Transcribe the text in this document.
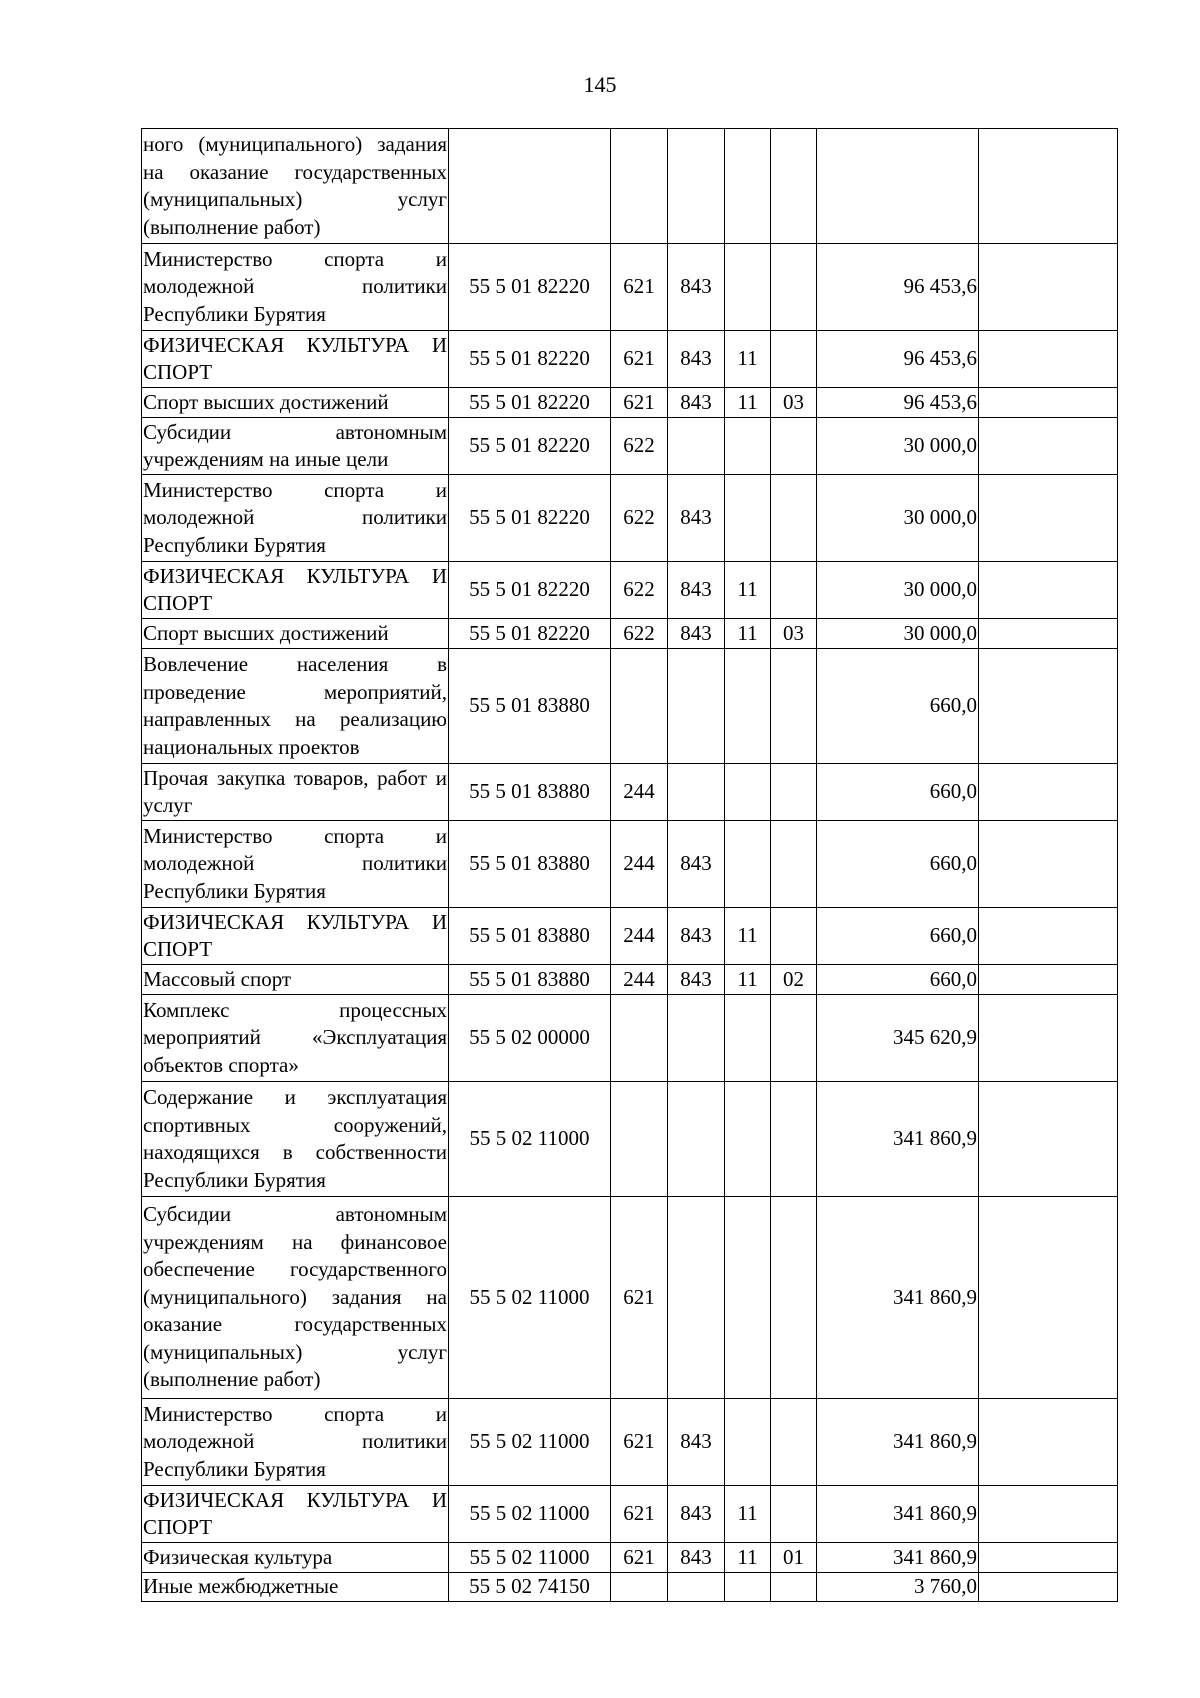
145
ного (муниципального) задания на оказание государственных (муниципальных) услуг (выполнение работ)							
Министерство спорта и молодежной политики Республики Бурятия	55 5 01 82220	621	843			96 453,6	
ФИЗИЧЕСКАЯ КУЛЬТУРА И СПОРТ	55 5 01 82220	621	843	11		96 453,6	
Спорт высших достижений	55 5 01 82220	621	843	11	03	96 453,6	
Субсидии автономным учреждениям на иные цели	55 5 01 82220	622				30 000,0	
Министерство спорта и молодежной политики Республики Бурятия	55 5 01 82220	622	843			30 000,0	
ФИЗИЧЕСКАЯ КУЛЬТУРА И СПОРТ	55 5 01 82220	622	843	11		30 000,0	
Спорт высших достижений	55 5 01 82220	622	843	11	03	30 000,0	
Вовлечение населения в проведение мероприятий, направленных на реализацию национальных проектов	55 5 01 83880					660,0	
Прочая закупка товаров, работ и услуг	55 5 01 83880	244				660,0	
Министерство спорта и молодежной политики Республики Бурятия	55 5 01 83880	244	843			660,0	
ФИЗИЧЕСКАЯ КУЛЬТУРА И СПОРТ	55 5 01 83880	244	843	11		660,0	
Массовый спорт	55 5 01 83880	244	843	11	02	660,0	
Комплекс процессных мероприятий «Эксплуатация объектов спорта»	55 5 02 00000					345 620,9	
Содержание и эксплуатация спортивных сооружений, находящихся в собственности Республики Бурятия	55 5 02 11000					341 860,9	
Субсидии автономным учреждениям на финансовое обеспечение государственного (муниципального) задания на оказание государственных (муниципальных) услуг (выполнение работ)	55 5 02 11000	621				341 860,9	
Министерство спорта и молодежной политики Республики Бурятия	55 5 02 11000	621	843			341 860,9	
ФИЗИЧЕСКАЯ КУЛЬТУРА И СПОРТ	55 5 02 11000	621	843	11		341 860,9	
Физическая культура	55 5 02 11000	621	843	11	01	341 860,9	
Иные межбюджетные	55 5 02 74150					3 760,0	
